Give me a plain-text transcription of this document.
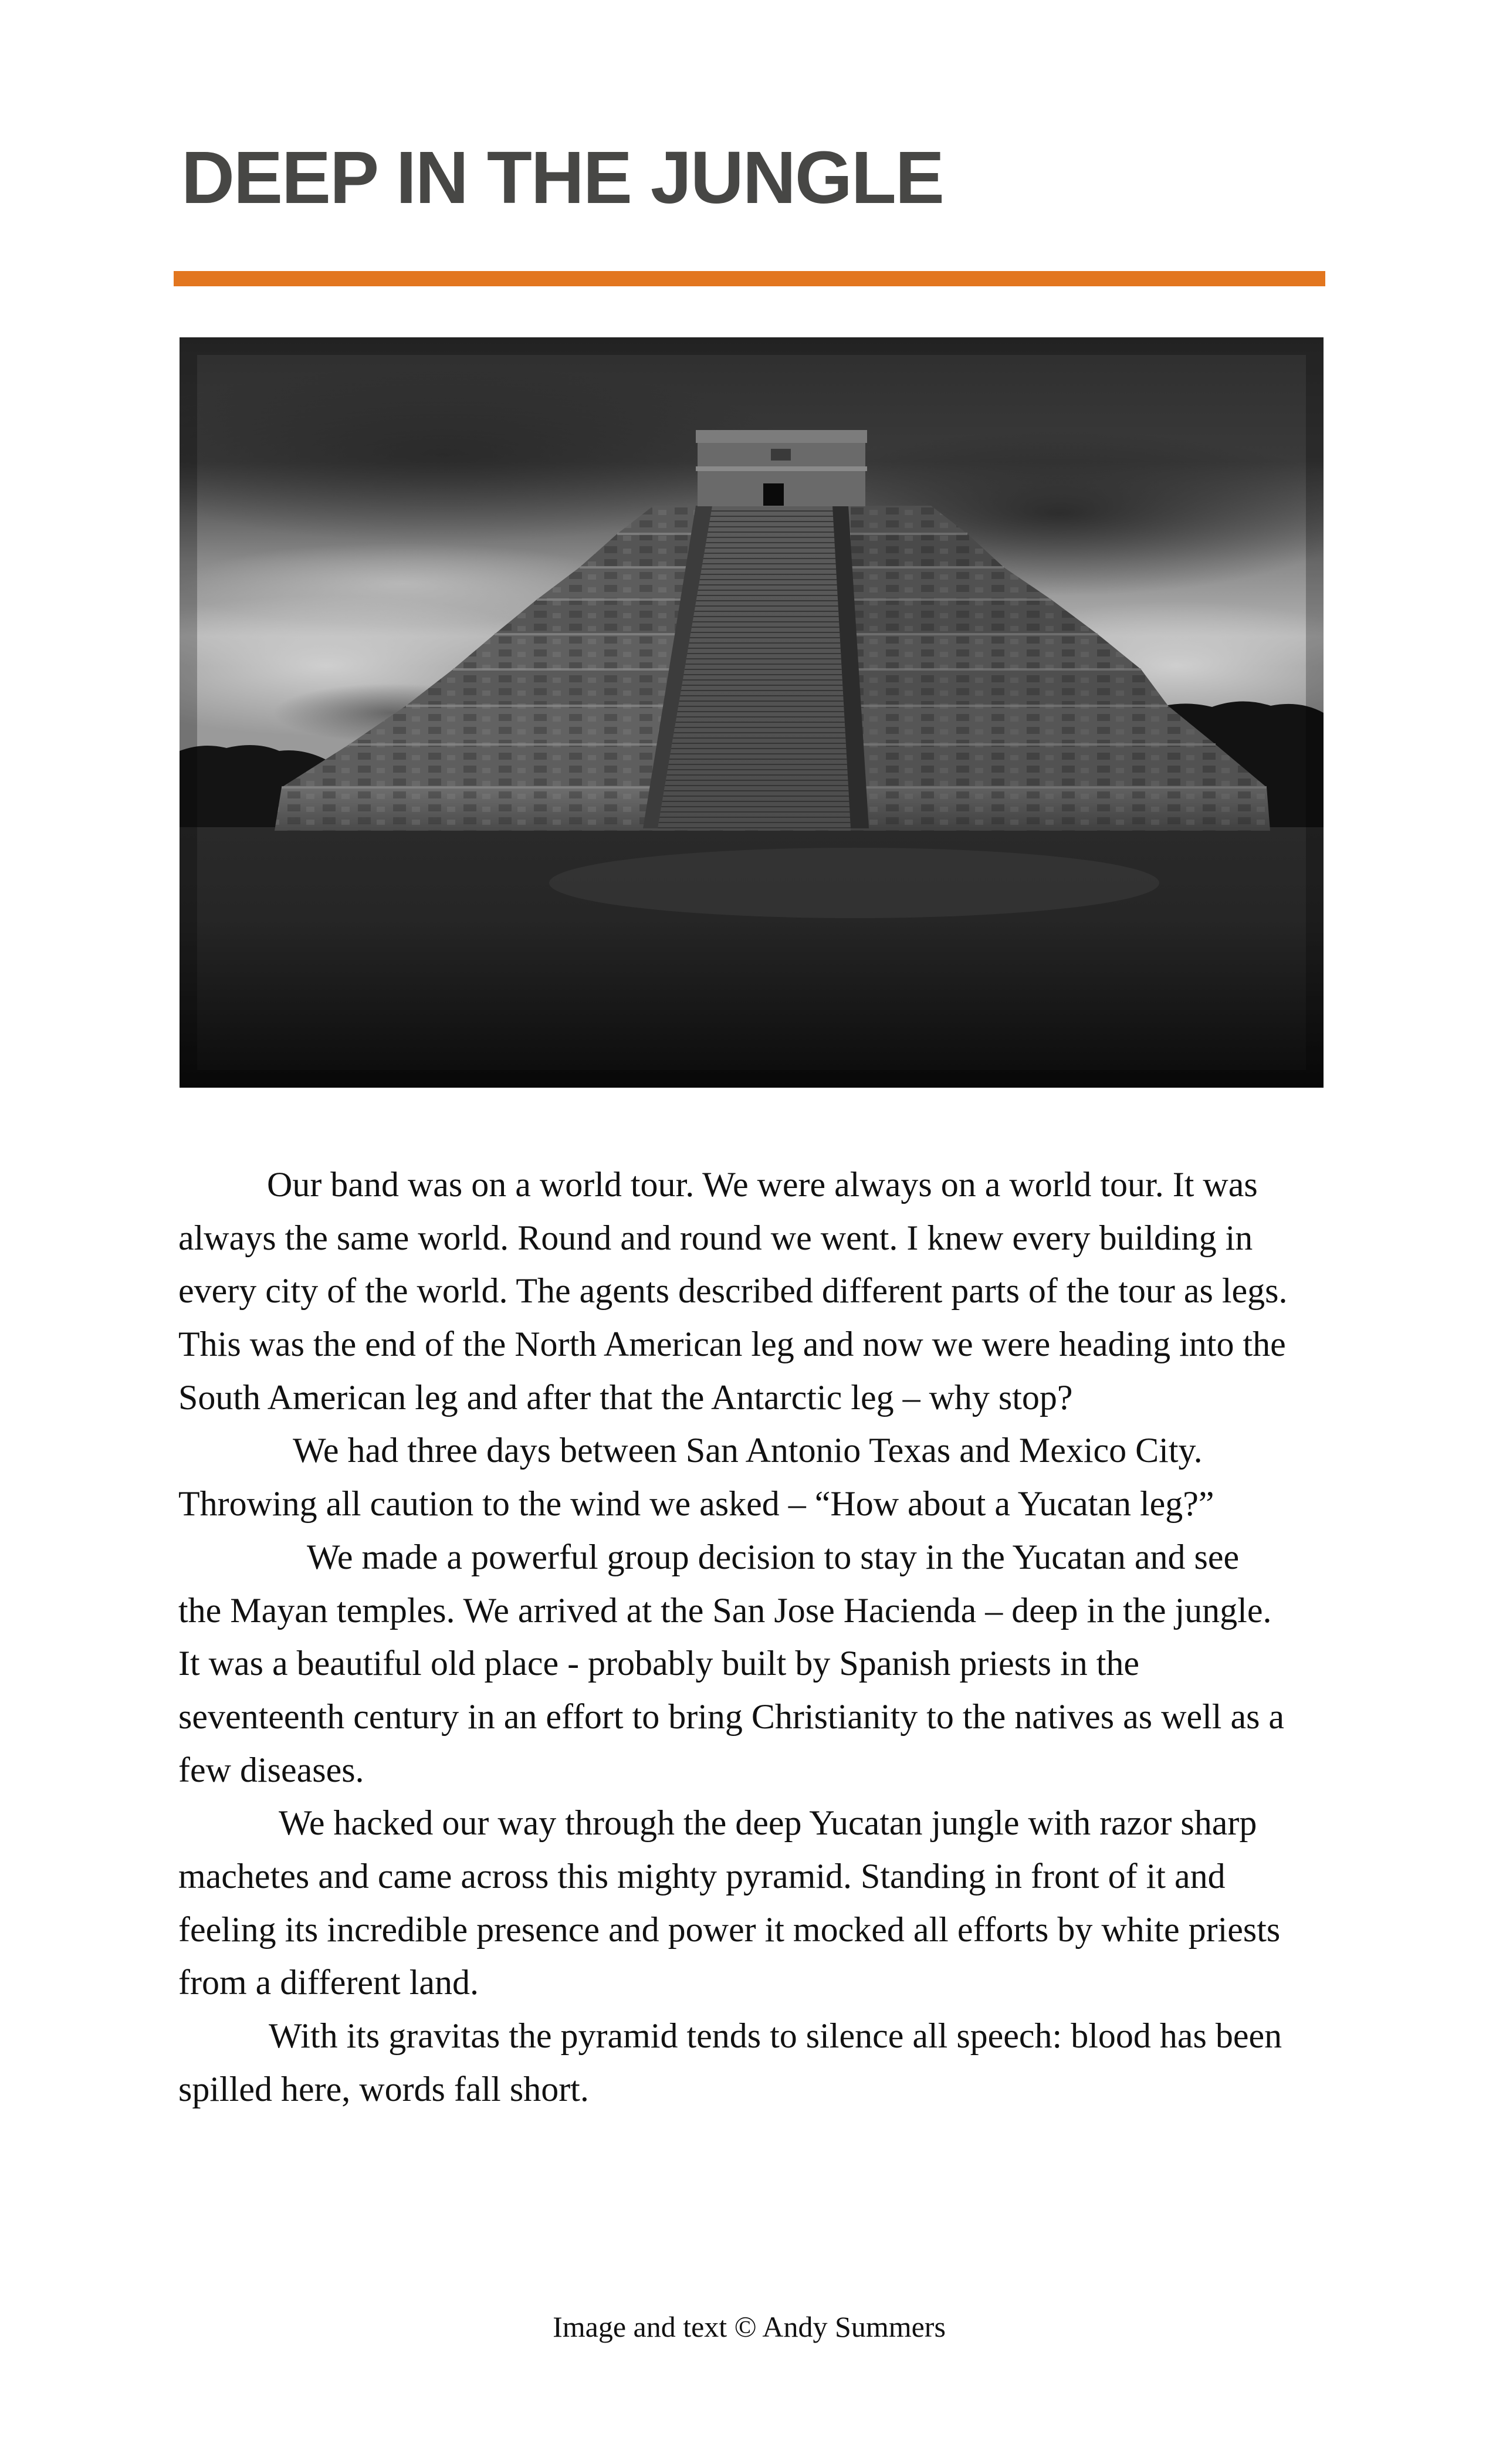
DEEP IN THE JUNGLE
Our band was on a world tour. We were always on a world tour. It was
always the same world. Round and round we went. I knew every building in
every city of the world. The agents described different parts of the tour as legs.
This was the end of the North American leg and now we were heading into the
South American leg and after that the Antarctic leg – why stop?
We had three days between San Antonio Texas and Mexico City.
Throwing all caution to the wind we asked – “How about a Yucatan leg?”
We made a powerful group decision to stay in the Yucatan and see
the Mayan temples. We arrived at the San Jose Hacienda – deep in the jungle.
It was a beautiful old place - probably built by Spanish priests in the
seventeenth century in an effort to bring Christianity to the natives as well as a
few diseases.
We hacked our way through the deep Yucatan jungle with razor sharp
machetes and came across this mighty pyramid. Standing in front of it and
feeling its incredible presence and power it mocked all efforts by white priests
from a different land.
With its gravitas the pyramid tends to silence all speech: blood has been
spilled here, words fall short.
Image and text © Andy Summers
